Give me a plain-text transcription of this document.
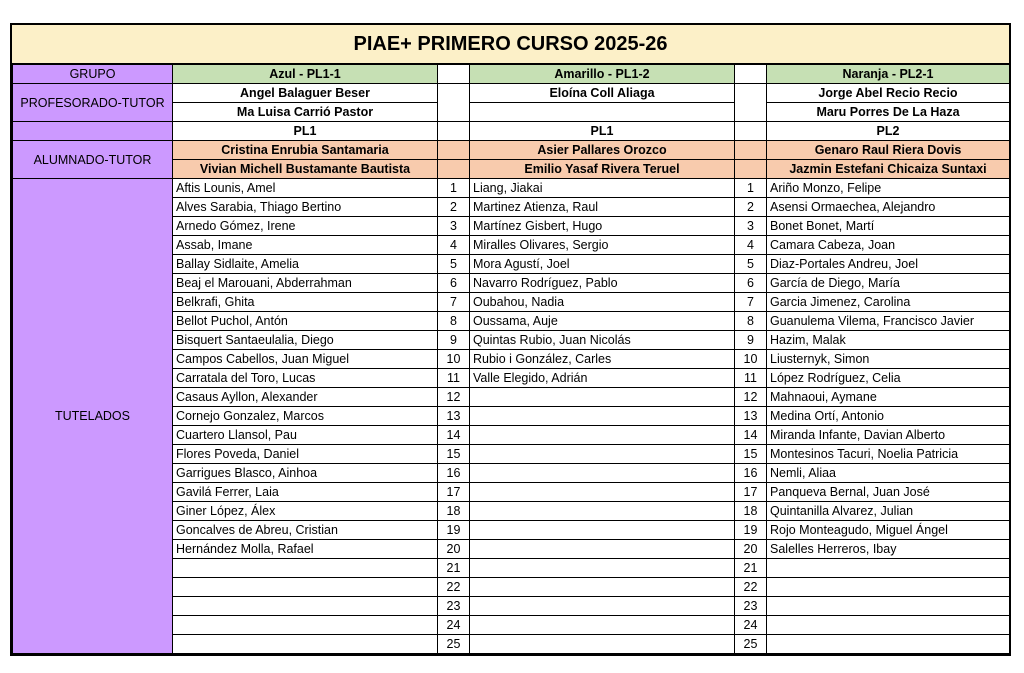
PIAE+ PRIMERO CURSO 2025-26
GRUPO	Azul - PL1-1		Amarillo - PL1-2		Naranja - PL2-1
PROFESORADO-TUTOR	Angel Balaguer Beser		Eloína Coll Aliaga		Jorge Abel Recio Recio
	Ma Luisa Carrió Pastor				Maru Porres De La Haza
	PL1		PL1		PL2
ALUMNADO-TUTOR	Cristina Enrubia Santamaria		Asier Pallares Orozco		Genaro Raul Riera Dovis
	Vivian Michell Bustamante Bautista		Emilio Yasaf Rivera Teruel		Jazmin Estefani Chicaiza Suntaxi
TUTELADOS	Aftis Lounis, Amel	1	Liang, Jiakai	1	Ariño Monzo, Felipe
	Alves Sarabia, Thiago Bertino	2	Martinez Atienza, Raul	2	Asensi Ormaechea, Alejandro
	Arnedo Gómez, Irene	3	Martínez Gisbert, Hugo	3	Bonet Bonet, Martí
	Assab, Imane	4	Miralles Olivares, Sergio	4	Camara Cabeza, Joan
	Ballay Sidlaite, Amelia	5	Mora Agustí, Joel	5	Diaz-Portales Andreu, Joel
	Beaj el Marouani, Abderrahman	6	Navarro Rodríguez, Pablo	6	García de Diego, María
	Belkrafi, Ghita	7	Oubahou, Nadia	7	Garcia Jimenez, Carolina
	Bellot Puchol, Antón	8	Oussama, Auje	8	Guanulema Vilema, Francisco Javier
	Bisquert Santaeulalia, Diego	9	Quintas Rubio, Juan Nicolás	9	Hazim, Malak
	Campos Cabellos, Juan Miguel	10	Rubio i González, Carles	10	Liusternyk, Simon
	Carratala del Toro, Lucas	11	Valle Elegido, Adrián	11	López Rodríguez, Celia
	Casaus Ayllon, Alexander	12		12	Mahnaoui, Aymane
	Cornejo Gonzalez, Marcos	13		13	Medina Ortí, Antonio
	Cuartero Llansol, Pau	14		14	Miranda Infante, Davian Alberto
	Flores Poveda, Daniel	15		15	Montesinos Tacuri, Noelia Patricia
	Garrigues Blasco, Ainhoa	16		16	Nemli, Aliaa
	Gavilá Ferrer, Laia	17		17	Panqueva Bernal, Juan José
	Giner López, Álex	18		18	Quintanilla Alvarez, Julian
	Goncalves de Abreu, Cristian	19		19	Rojo Monteagudo, Miguel Ángel
	Hernández Molla, Rafael	20		20	Salelles Herreros, Ibay
		21		21	
		22		22	
		23		23	
		24		24	
		25		25	
